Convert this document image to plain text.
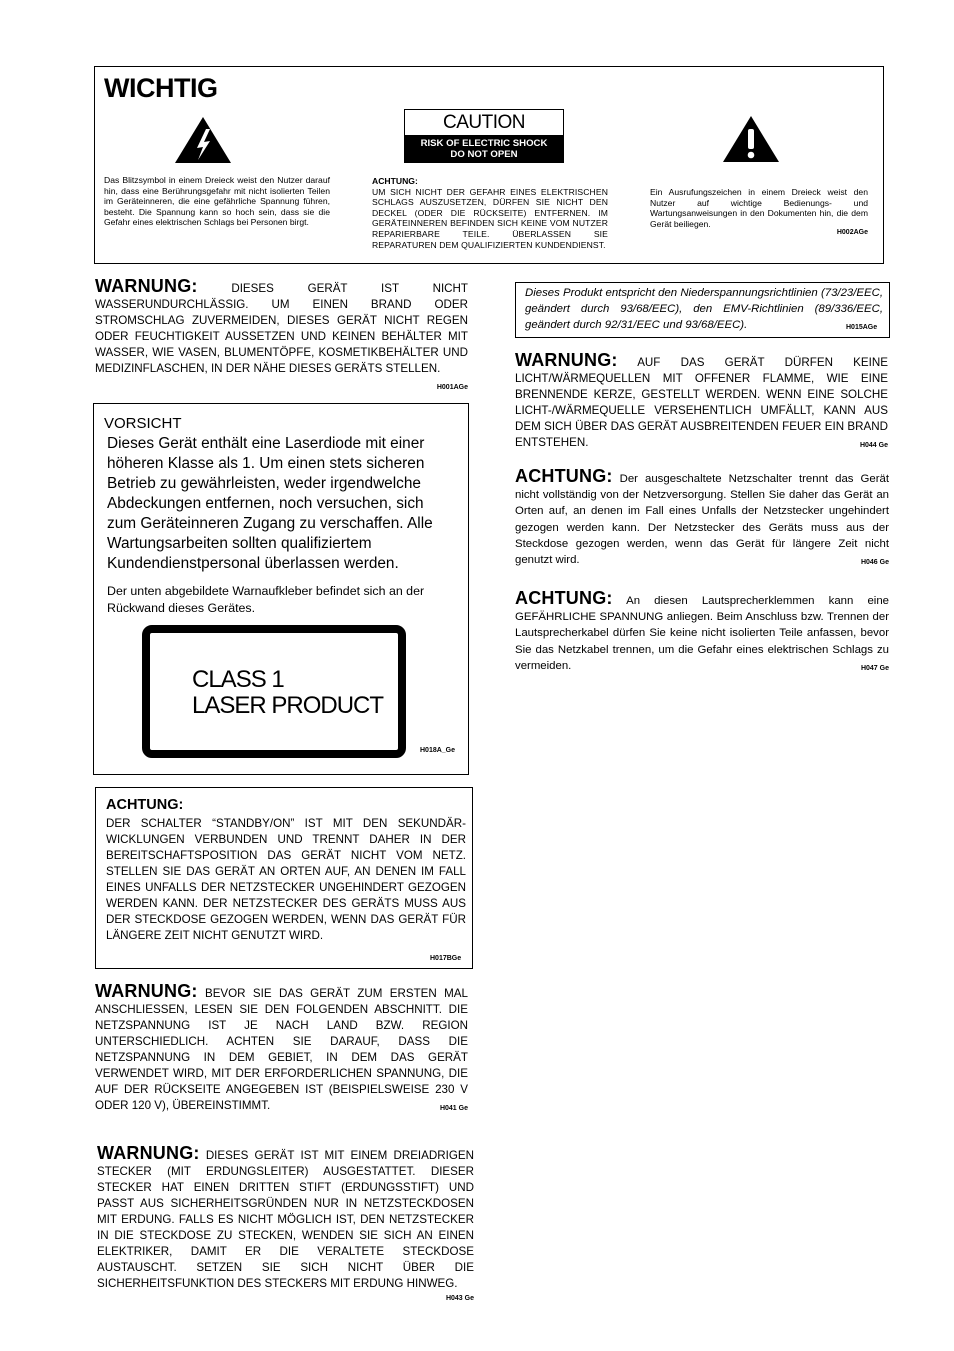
WICHTIG
CAUTION
RISK OF ELECTRIC SHOCK
DO NOT OPEN

Das Blitzsymbol in einem Dreieck weist den Nutzer darauf hin, dass eine Berührungsgefahr mit nicht isolierten Teilen im Geräteinneren, die eine gefährliche Spannung führen, besteht. Die Spannung kann so hoch sein, dass sie die Gefahr eines elektrischen Schlags bei Personen birgt.

ACHTUNG:

UM SICH NICHT DER GEFAHR EINES ELEKTRISCHEN SCHLAGS AUSZUSETZEN, DÜRFEN SIE NICHT DEN DECKEL (ODER DIE RÜCKSEITE) ENTFERNEN. IM GERÄTEINNEREN BEFINDEN SICH KEINE VOM NUTZER REPARIERBARE TEILE. ÜBERLASSEN SIE REPARATUREN DEM QUALIFIZIERTEN KUNDENDIENST.

Ein Ausrufungszeichen in einem Dreieck weist den Nutzer auf wichtige Bedienungs- und Wartungsanweisungen in den Dokumenten hin, die dem Gerät beiliegen.

H002AGe

WARNUNG:	DIESES GERÄT IST NICHT WASSERUNDURCHLÄSSIG. UM EINEN BRAND ODER STROMSCHLAG ZUVERMEIDEN, DIESES GERÄT NICHT REGEN ODER FEUCHTIGKEIT AUSSETZEN UND KEINEN BEHÄLTER MIT WASSER, WIE VASEN, BLUMENTÖPFE, KOSMETIKBEHÄLTER UND MEDIZINFLASCHEN, IN DER NÄHE DIESES GERÄTS STELLEN.
H001AGe

VORSICHT

Dieses Gerät enthält eine Laserdiode mit einer höheren Klasse als 1. Um einen stets sicheren Betrieb zu gewährleisten, weder irgendwelche Abdeckungen entfernen, noch versuchen, sich zum Geräteinneren Zugang zu verschaffen. Alle Wartungsarbeiten sollten qualifiziertem Kundendienstpersonal überlassen werden.

Der unten abgebildete Warnaufkleber befindet sich an der Rückwand dieses Gerätes.

CLASS 1
LASER PRODUCT
H018A_Ge
ACHTUNG:

DER SCHALTER “STANDBY/ON” IST MIT DEN SEKUNDÄR-WICKLUNGEN VERBUNDEN UND TRENNT DAHER IN DER BEREITSCHAFTSPOSITION DAS GERÄT NICHT VOM NETZ. STELLEN SIE DAS GERÄT AN ORTEN AUF, AN DENEN IM FALL EINES UNFALLS DER NETZSTECKER UNGEHINDERT GEZOGEN WERDEN KANN. DER NETZSTECKER DES GERÄTS MUSS AUS DER STECKDOSE GEZOGEN WERDEN, WENN DAS GERÄT FÜR LÄNGERE ZEIT NICHT GENUTZT WIRD.

H017BGe

WARNUNG: BEVOR SIE DAS GERÄT ZUM ERSTEN MAL ANSCHLIESSEN, LESEN SIE DEN FOLGENDEN ABSCHNITT. DIE NETZSPANNUNG IST JE NACH LAND BZW. REGION UNTERSCHIEDLICH. ACHTEN SIE DARAUF, DASS DIE NETZSPANNUNG IN DEM GEBIET, IN DEM DAS GERÄT VERWENDET WIRD, MIT DER ERFORDERLICHEN SPANNUNG, DIE AUF DER RÜCKSEITE ANGEGEBEN IST (BEISPIELSWEISE 230 V ODER 120 V), ÜBEREINSTIMMT.	H041 Ge

WARNUNG: DIESES GERÄT IST MIT EINEM DREIADRIGEN STECKER (MIT ERDUNGSLEITER) AUSGESTATTET. DIESER STECKER HAT EINEN DRITTEN STIFT (ERDUNGSSTIFT) UND PASST AUS SICHERHEITSGRÜNDEN NUR IN NETZSTECKDOSEN MIT ERDUNG. FALLS ES NICHT MÖGLICH IST, DEN NETZSTECKER IN DIE STECKDOSE ZU STECKEN, WENDEN SIE SICH AN EINEN ELEKTRIKER, DAMIT ER DIE VERALTETE STECKDOSE AUSTAUSCHT. SETZEN SIE SICH NICHT ÜBER DIE SICHERHEITSFUNKTION DES STECKERS MIT ERDUNG HINWEG.

H043 Ge

Dieses Produkt entspricht den Niederspannungsrichtlinien (73/23/EEC, geändert durch 93/68/EEC), den EMV-Richtlinien (89/336/EEC, geändert durch 92/31/EEC und 93/68/EEC).	H015AGe

WARNUNG: AUF DAS GERÄT DÜRFEN KEINE LICHT/WÄRMEQUELLEN MIT OFFENER FLAMME, WIE EINE BRENNENDE KERZE, GESTELLT WERDEN. WENN EINE SOLCHE LICHT-/WÄRMEQUELLE VERSEHENTLICH UMFÄLLT, KANN AUS DEM SICH ÜBER DAS GERÄT AUSBREITENDEN FEUER EIN BRAND ENTSTEHEN.	H044 Ge

ACHTUNG: Der ausgeschaltete Netzschalter trennt das Gerät nicht vollständig von der Netzversorgung. Stellen Sie daher das Gerät an Orten auf, an denen im Fall eines Unfalls der Netzstecker ungehindert gezogen werden kann. Der Netzstecker des Geräts muss aus der Steckdose gezogen werden, wenn das Gerät für längere Zeit nicht genutzt wird.	H046 Ge

ACHTUNG: An diesen Lautsprecherklemmen kann eine GEFÄHRLICHE SPANNUNG anliegen. Beim Anschluss bzw. Trennen der Lautsprecherkabel dürfen Sie keine nicht isolierten Teile anfassen, bevor Sie das Netzkabel trennen, um die Gefahr eines elektrischen Schlags zu vermeiden.	H047 Ge
